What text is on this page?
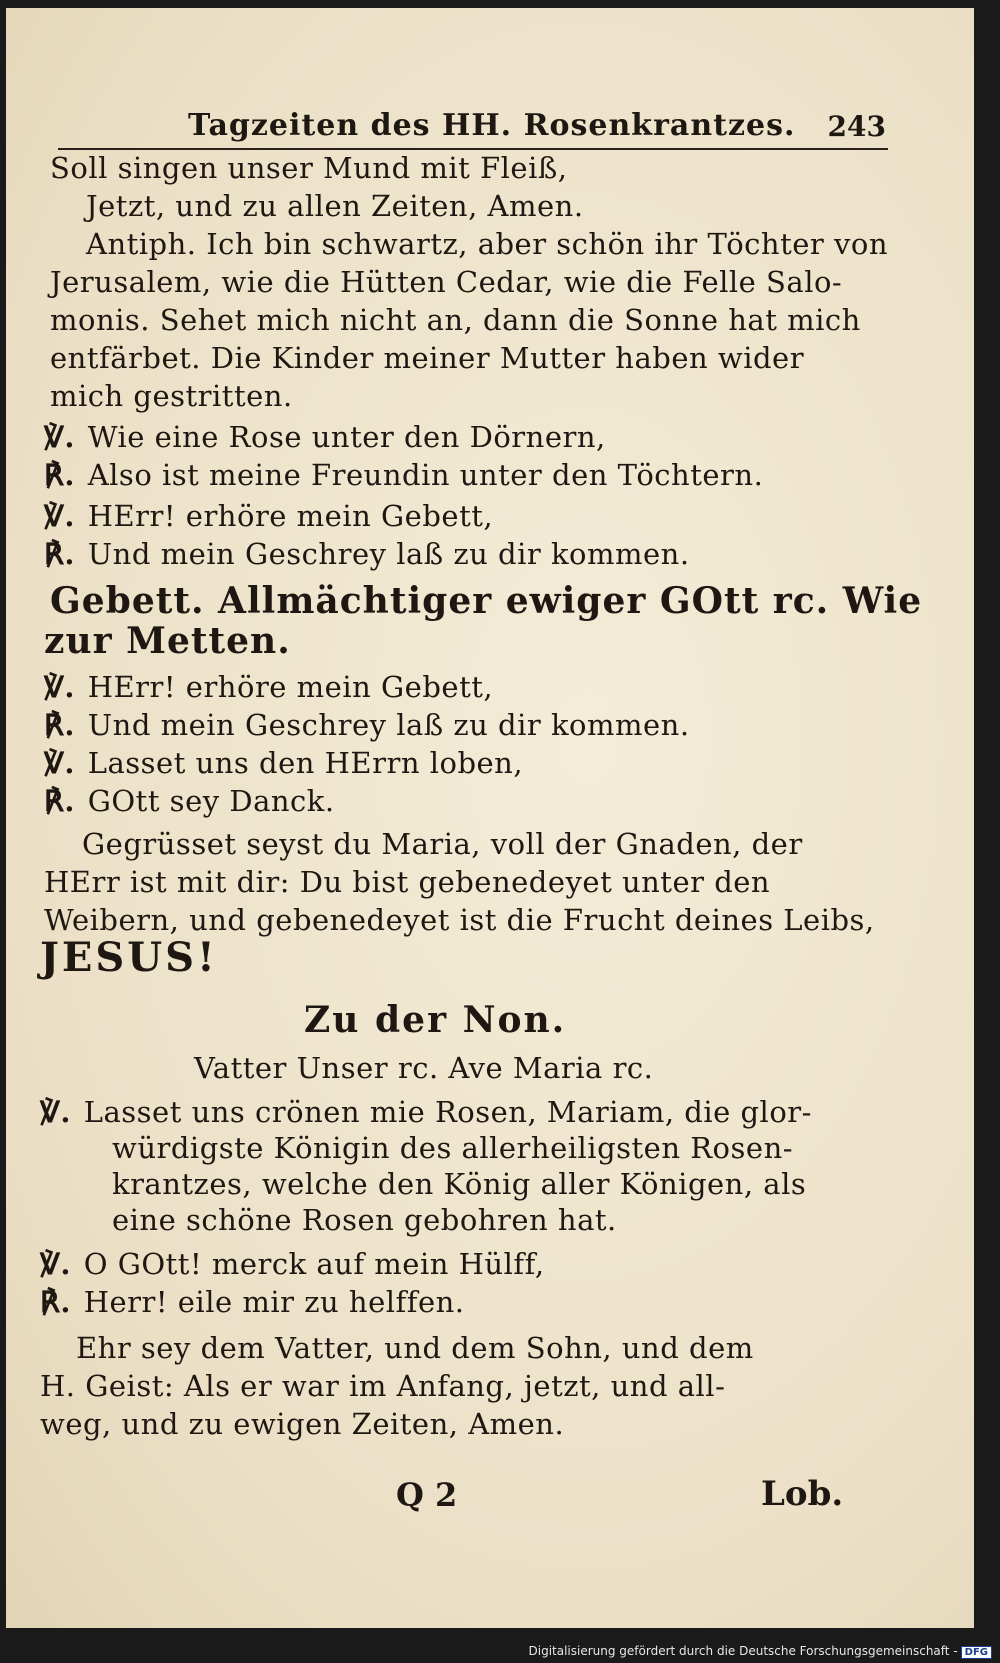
Tagzeiten des HH. Rosenkrantzes. 243
Soll singen unser Mund mit Fleiß,
Jetzt, und zu allen Zeiten, Amen.
Antiph. Ich bin schwartz, aber schön ihr Töchter von
Jerusalem, wie die Hütten Cedar, wie die Felle Salo-
monis. Sehet mich nicht an, dann die Sonne hat mich
entfärbet. Die Kinder meiner Mutter haben wider
mich gestritten.
℣. Wie eine Rose unter den Dörnern,
℟. Also ist meine Freundin unter den Töchtern.
℣. HErr! erhöre mein Gebett,
℟. Und mein Geschrey laß zu dir kommen.
Gebett. Allmächtiger ewiger GOtt rc. Wie
zur Metten.
℣. HErr! erhöre mein Gebett,
℟. Und mein Geschrey laß zu dir kommen.
℣. Lasset uns den HErrn loben,
℟. GOtt sey Danck.
Gegrüsset seyst du Maria, voll der Gnaden, der
HErr ist mit dir: Du bist gebenedeyet unter den
Weibern, und gebenedeyet ist die Frucht deines Leibs,
JESUS!
Zu der Non.
Vatter Unser rc. Ave Maria rc.
℣. Lasset uns crönen mie Rosen, Mariam, die glor-
würdigste Königin des allerheiligsten Rosen-
krantzes, welche den König aller Königen, als
eine schöne Rosen gebohren hat.
℣. O GOtt! merck auf mein Hülff,
℟. Herr! eile mir zu helffen.
Ehr sey dem Vatter, und dem Sohn, und dem
H. Geist: Als er war im Anfang, jetzt, und all-
weg, und zu ewigen Zeiten, Amen.
Q 2	Lob.
Digitalisierung gefördert durch die Deutsche Forschungsgemeinschaft - DFG
